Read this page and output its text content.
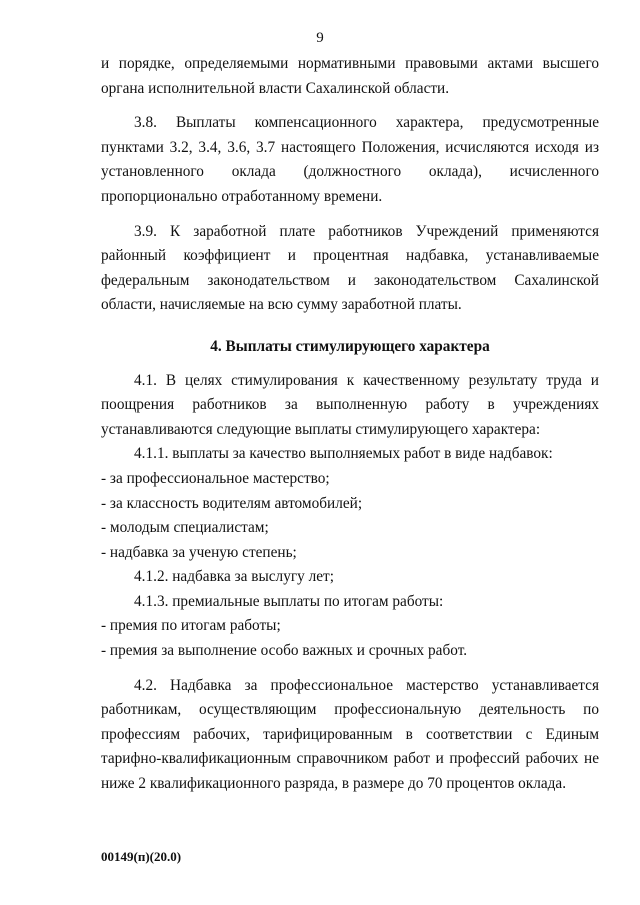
9

и порядке, определяемыми нормативными правовыми актами высшего органа исполнительной власти Сахалинской области.

3.8. Выплаты компенсационного характера, предусмотренные пунктами 3.2, 3.4, 3.6, 3.7 настоящего Положения, исчисляются исходя из установленного оклада (должностного оклада), исчисленного пропорционально отработанному времени.

3.9. К заработной плате работников Учреждений применяются районный коэффициент и процентная надбавка, устанавливаемые федеральным законодательством и законодательством Сахалинской области, начисляемые на всю сумму заработной платы.

4. Выплаты стимулирующего характера

4.1. В целях стимулирования к качественному результату труда и поощрения работников за выполненную работу в учреждениях устанавливаются следующие выплаты стимулирующего характера:

4.1.1. выплаты за качество выполняемых работ в виде надбавок:

- за профессиональное мастерство;

- за классность водителям автомобилей;

- молодым специалистам;

- надбавка за ученую степень;

4.1.2. надбавка за выслугу лет;

4.1.3. премиальные выплаты по итогам работы:

- премия по итогам работы;

- премия за выполнение особо важных и срочных работ.

4.2. Надбавка за профессиональное мастерство устанавливается работникам, осуществляющим профессиональную деятельность по профессиям рабочих, тарифицированным в соответствии с Единым тарифно-квалификационным справочником работ и профессий рабочих не ниже 2 квалификационного разряда, в размере до 70 процентов оклада.

00149(п)(20.0)
